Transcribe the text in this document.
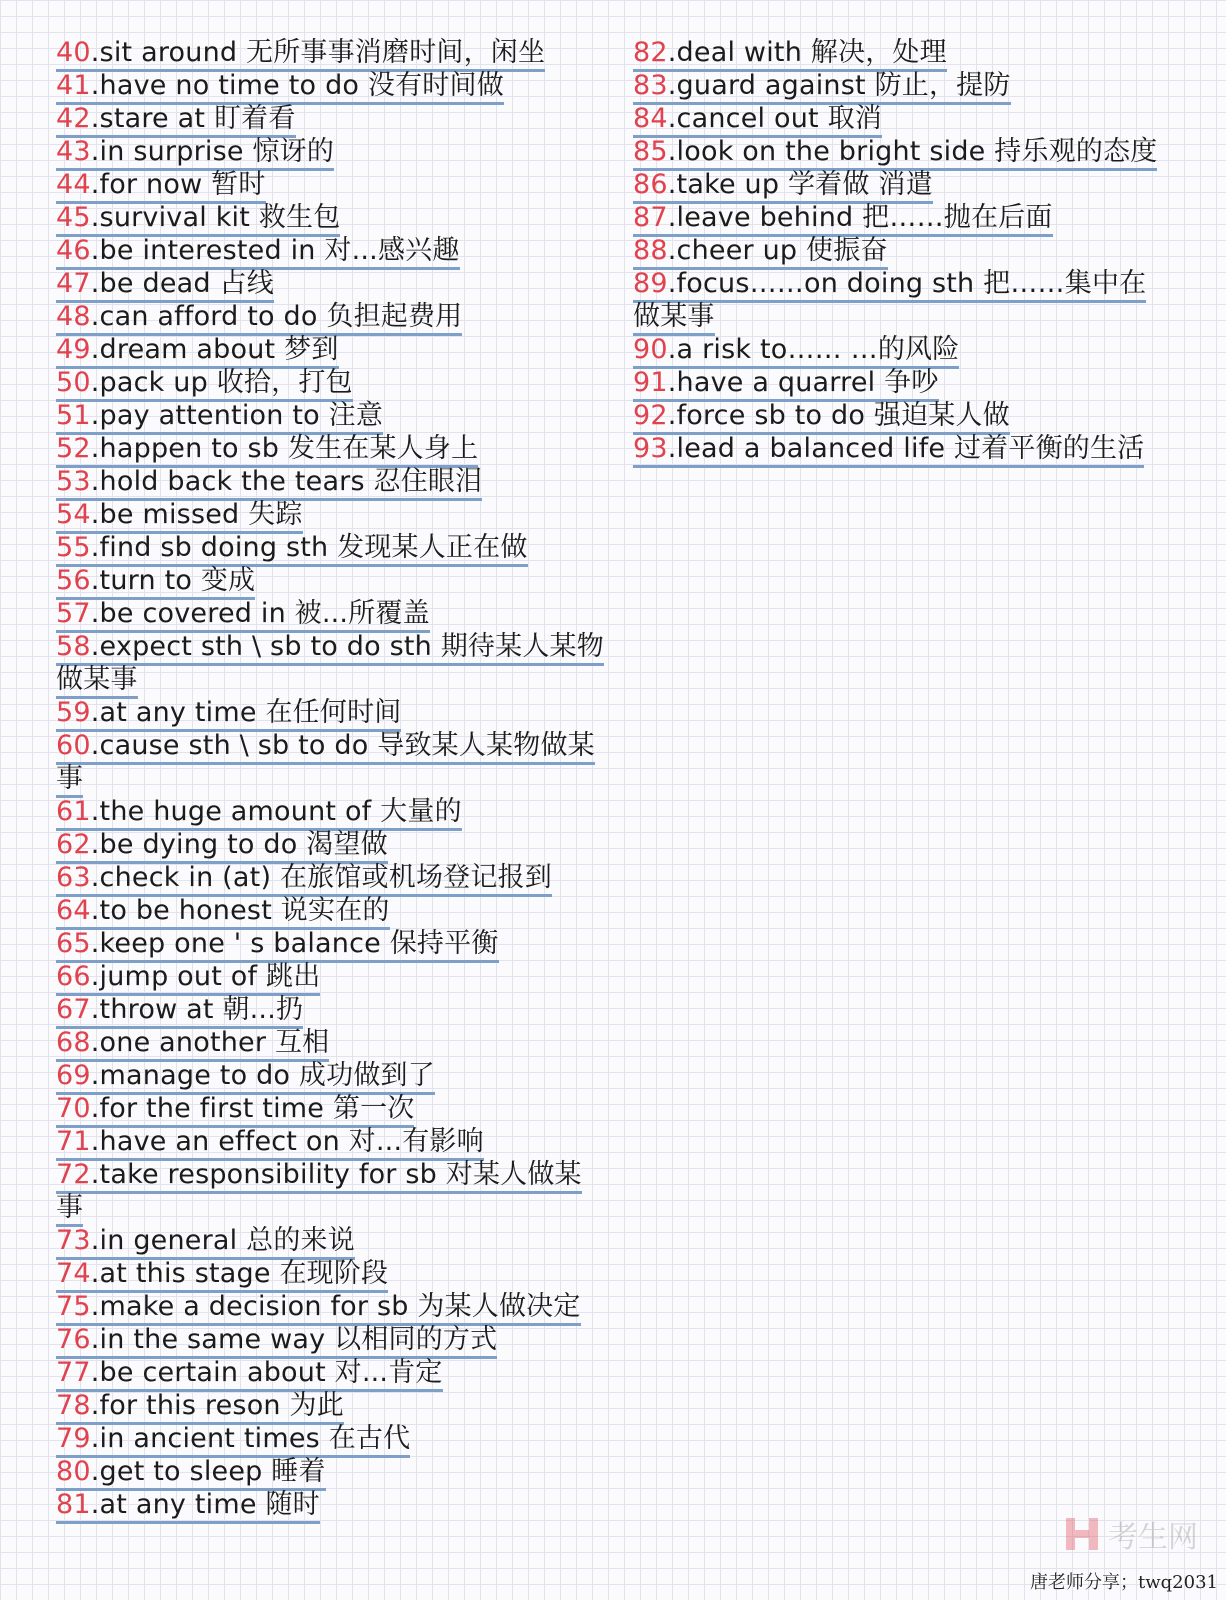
40.sit around 无所事事消磨时间，闲坐
41.have no time to do 没有时间做
42.stare at 盯着看
43.in surprise 惊讶的
44.for now 暂时
45.survival kit 救生包
46.be interested in 对...感兴趣
47.be dead 占线
48.can afford to do 负担起费用
49.dream about 梦到
50.pack up 收拾，打包
51.pay attention to 注意
52.happen to sb 发生在某人身上
53.hold back the tears 忍住眼泪
54.be missed 失踪
55.find sb doing sth 发现某人正在做
56.turn to 变成
57.be covered in 被...所覆盖
58.expect sth \ sb to do sth 期待某人某物做某事
59.at any time 在任何时间
60.cause sth \ sb to do 导致某人某物做某事
61.the huge amount of 大量的
62.be dying to do 渴望做
63.check in (at) 在旅馆或机场登记报到
64.to be honest 说实在的
65.keep one ' s balance 保持平衡
66.jump out of 跳出
67.throw at 朝...扔
68.one another 互相
69.manage to do 成功做到了
70.for the first time 第一次
71.have an effect on 对...有影响
72.take responsibility for sb 对某人做某事
73.in general 总的来说
74.at this stage 在现阶段
75.make a decision for sb 为某人做决定
76.in the same way 以相同的方式
77.be certain about 对...肯定
78.for this reson 为此
79.in ancient times 在古代
80.get to sleep 睡着
81.at any time 随时
82.deal with 解决，处理
83.guard against 防止，提防
84.cancel out 取消
85.look on the bright side 持乐观的态度
86.take up 学着做 消遣
87.leave behind 把……抛在后面
88.cheer up 使振奋
89.focus……on doing sth 把……集中在做某事
90.a risk to…… …的风险
91.have a quarrel 争吵
92.force sb to do 强迫某人做
93.lead a balanced life 过着平衡的生活
考生网
唐老师分享；twq2031
